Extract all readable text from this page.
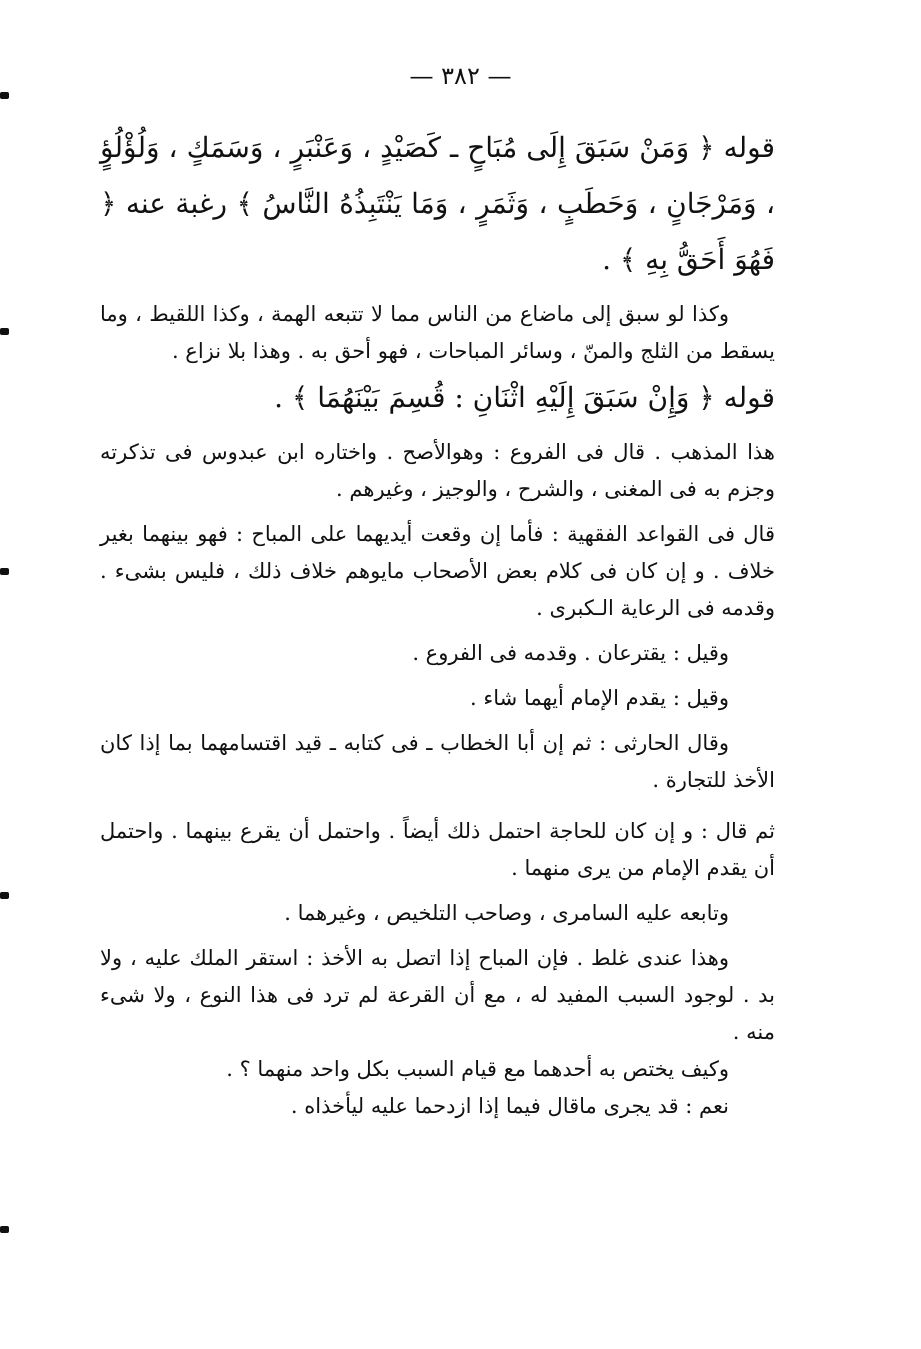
— ٣٨٢ —

قوله ﴿ وَمَنْ سَبَقَ إِلَى مُبَاحٍ ـ كَصَيْدٍ ، وَعَنْبَرٍ ، وَسَمَكٍ ، وَلُؤْلُؤٍ ، وَمَرْجَانٍ ، وَحَطَبٍ ، وَثَمَرٍ ، وَمَا يَنْتَبِذُهُ النَّاسُ ﴾ رغبة عنه ﴿ فَهُوَ أَحَقُّ بِهِ ﴾ .

وكذا لو سبق إلى ماضاع من الناس مما لا تتبعه الهمة ، وكذا اللقيط ، وما يسقط من الثلج والمنّ ، وسائر المباحات ، فهو أحق به . وهذا بلا نزاع .

قوله ﴿ وَإِنْ سَبَقَ إِلَيْهِ اثْنَانِ : قُسِمَ بَيْنَهُمَا ﴾ .

هذا المذهب . قال فى الفروع : وهوالأصح . واختاره ابن عبدوس فى تذكرته وجزم به فى المغنى ، والشرح ، والوجيز ، وغيرهم .

قال فى القواعد الفقهية : فأما إن وقعت أيديهما على المباح : فهو بينهما بغير خلاف . و إن كان فى كلام بعض الأصحاب مايوهم خلاف ذلك ، فليس بشىء . وقدمه فى الرعاية الـكبرى .

وقيل : يقترعان . وقدمه فى الفروع .

وقيل : يقدم الإمام أيهما شاء .

وقال الحارثى : ثم إن أبا الخطاب ـ فى كتابه ـ قيد اقتسامهما بما إذا كان الأخذ للتجارة .

ثم قال : و إن كان للحاجة احتمل ذلك أيضاً . واحتمل أن يقرع بينهما . واحتمل أن يقدم الإمام من يرى منهما .

وتابعه عليه السامرى ، وصاحب التلخيص ، وغيرهما .

وهذا عندى غلط . فإن المباح إذا اتصل به الأخذ : استقر الملك عليه ، ولا بد . لوجود السبب المفيد له ، مع أن القرعة لم ترد فى هذا النوع ، ولا شىء منه .

وكيف يختص به أحدهما مع قيام السبب بكل واحد منهما ؟ .

نعم : قد يجرى ماقال فيما إذا ازدحما عليه ليأخذاه .
